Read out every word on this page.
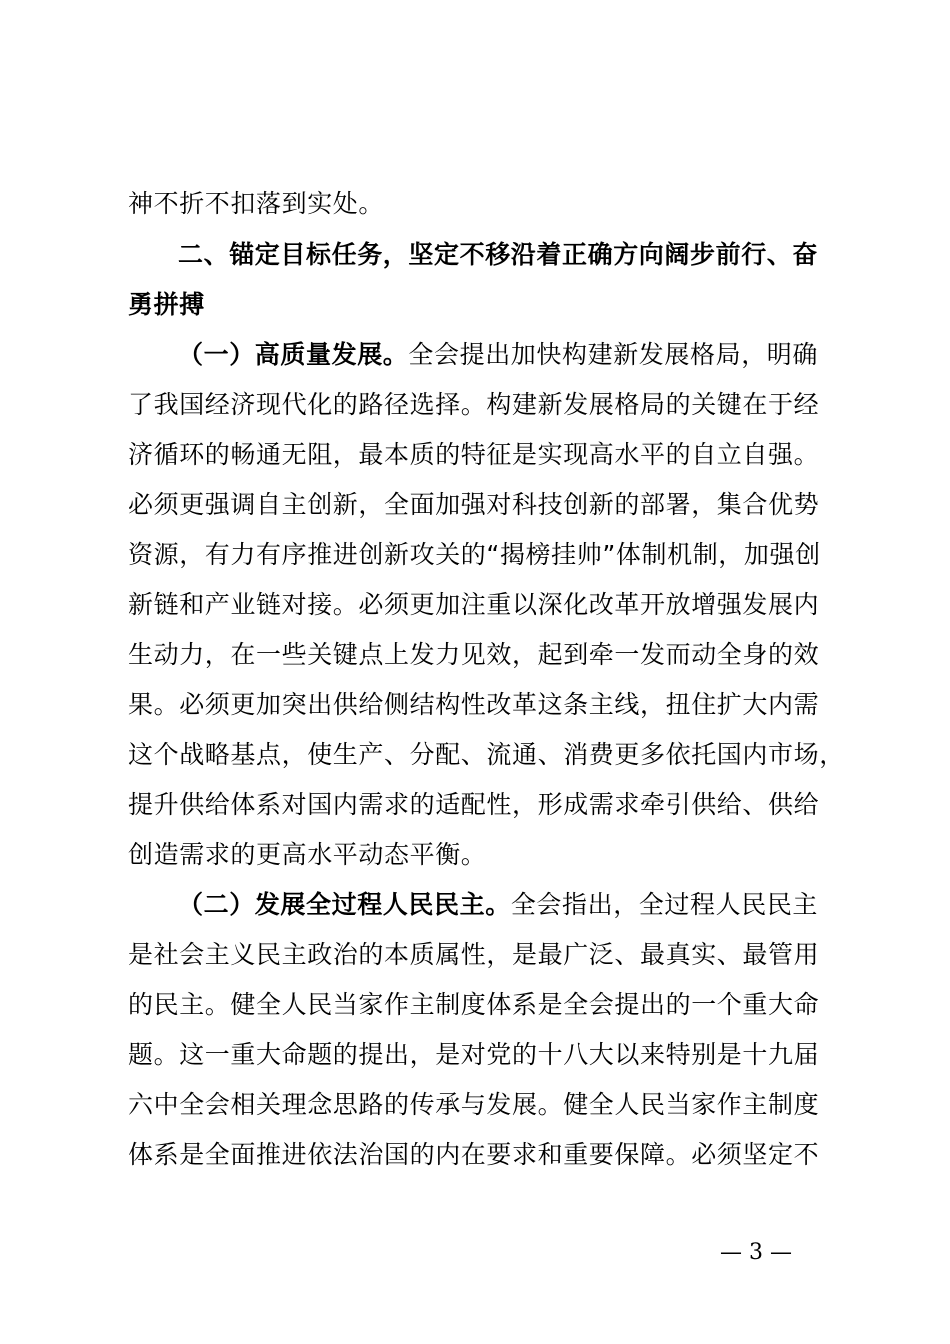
神不折不扣落到实处。
二、锚定目标任务，坚定不移沿着正确方向阔步前行、奋
勇拼搏
（一）高质量发展。全会提出加快构建新发展格局，明确
了我国经济现代化的路径选择。构建新发展格局的关键在于经
济循环的畅通无阻，最本质的特征是实现高水平的自立自强。
必须更强调自主创新，全面加强对科技创新的部署，集合优势
资源，有力有序推进创新攻关的“揭榜挂帅”体制机制，加强创
新链和产业链对接。必须更加注重以深化改革开放增强发展内
生动力，在一些关键点上发力见效，起到牵一发而动全身的效
果。必须更加突出供给侧结构性改革这条主线，扭住扩大内需
这个战略基点，使生产、分配、流通、消费更多依托国内市场，
提升供给体系对国内需求的适配性，形成需求牵引供给、供给
创造需求的更高水平动态平衡。
（二）发展全过程人民民主。全会指出，全过程人民民主
是社会主义民主政治的本质属性，是最广泛、最真实、最管用
的民主。健全人民当家作主制度体系是全会提出的一个重大命
题。这一重大命题的提出，是对党的十八大以来特别是十九届
六中全会相关理念思路的传承与发展。健全人民当家作主制度
体系是全面推进依法治国的内在要求和重要保障。必须坚定不
— 3 —
